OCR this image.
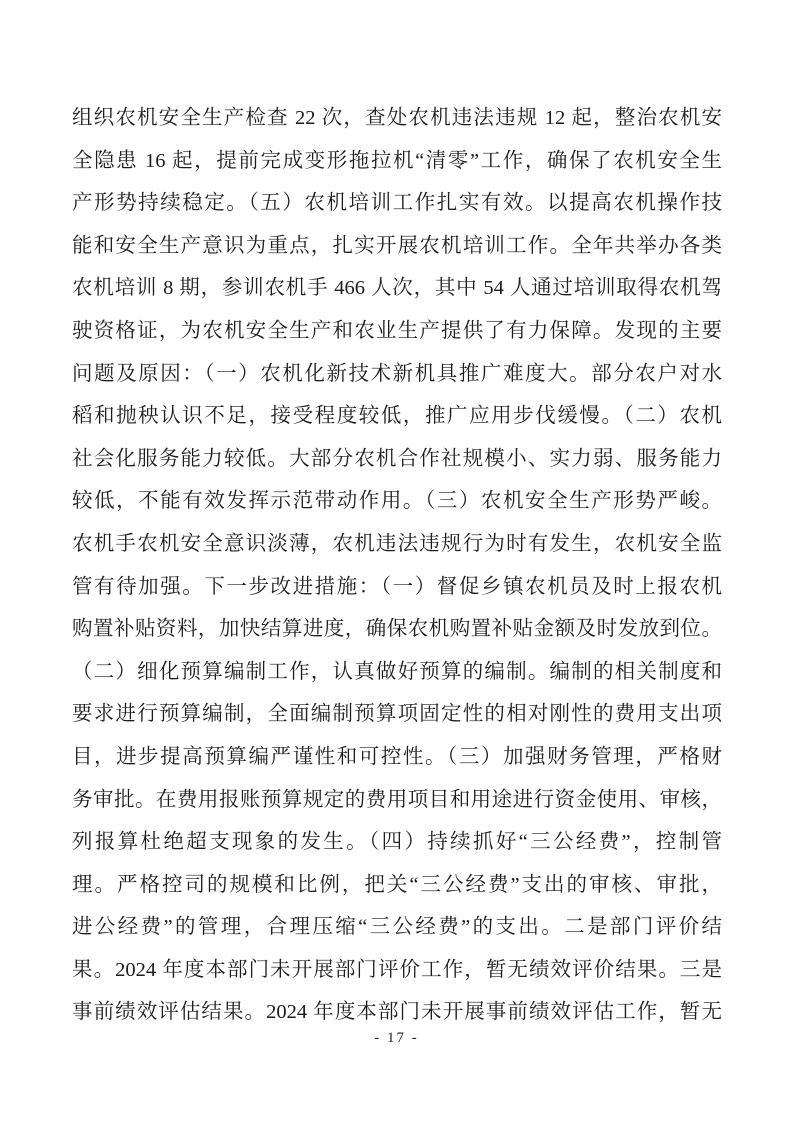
组织农机安全生产检查 22 次，查处农机违法违规 12 起，整治农机安
全隐患 16 起，提前完成变形拖拉机“清零”工作，确保了农机安全生
产形势持续稳定。（五）农机培训工作扎实有效。以提高农机操作技
能和安全生产意识为重点，扎实开展农机培训工作。全年共举办各类
农机培训 8 期，参训农机手 466 人次，其中 54 人通过培训取得农机驾
驶资格证，为农机安全生产和农业生产提供了有力保障。发现的主要
问题及原因：（一）农机化新技术新机具推广难度大。部分农户对水
稻和抛秧认识不足，接受程度较低，推广应用步伐缓慢。（二）农机
社会化服务能力较低。大部分农机合作社规模小、实力弱、服务能力
较低，不能有效发挥示范带动作用。（三）农机安全生产形势严峻。
农机手农机安全意识淡薄，农机违法违规行为时有发生，农机安全监
管有待加强。下一步改进措施：（一）督促乡镇农机员及时上报农机
购置补贴资料，加快结算进度，确保农机购置补贴金额及时发放到位。
（二）细化预算编制工作，认真做好预算的编制。编制的相关制度和
要求进行预算编制，全面编制预算项固定性的相对刚性的费用支出项
目，进步提高预算编严谨性和可控性。（三）加强财务管理，严格财
务审批。在费用报账预算规定的费用项目和用途进行资金使用、审核，
列报算杜绝超支现象的发生。（四）持续抓好“三公经费”，控制管
理。严格控司的规模和比例，把关“三公经费”支出的审核、审批，
进公经费”的管理，合理压缩“三公经费”的支出。二是部门评价结
果。2024 年度本部门未开展部门评价工作，暂无绩效评价结果。三是
事前绩效评估结果。2024 年度本部门未开展事前绩效评估工作，暂无
- 17 -
